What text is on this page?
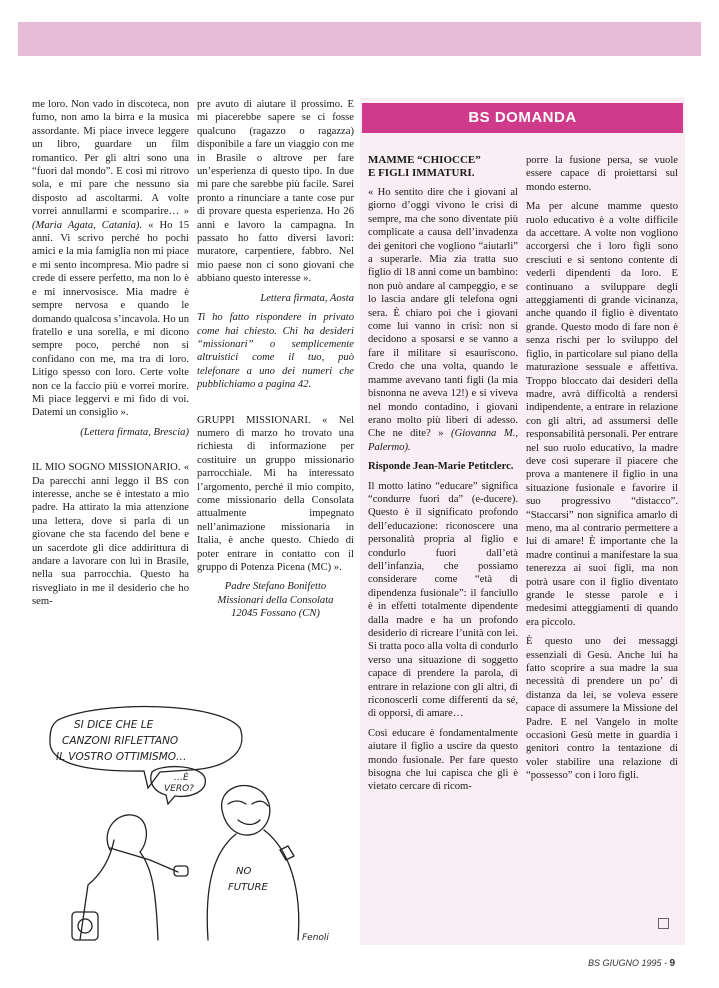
me loro. Non vado in discoteca, non fumo, non amo la birra e la musica assordante. Mi piace invece leggere un libro, guardare un film romantico. Per gli altri sono una “fuori dal mondo”. E così mi ritrovo sola, e mi pare che nessuno sia disposto ad ascoltarmi. A volte vorrei annullarmi e scomparire… » (Maria Agata, Catania). « Ho 15 anni. Vi scrivo perché ho pochi amici e la mia famiglia non mi piace e mi sento incompresa. Mio padre si crede di essere perfetto, ma non lo è e mi innervosisce. Mia madre è sempre nervosa e quando le domando qualcosa s’incavola. Ho un fratello e una sorella, e mi dicono sempre poco, perché non si confidano con me, ma tra di loro. Litigo spesso con loro. Certe volte non ce la faccio più e vorrei morire. Mi piace leggervi e mi fido di voi. Datemi un consiglio ».

(Lettera firmata, Brescia)

IL MIO SOGNO MISSIONARIO. « Da parecchi anni leggo il BS con interesse, anche se è intestato a mio padre. Ha attirato la mia attenzione una lettera, dove si parla di un giovane che sta facendo del bene e un sacerdote gli dice addirittura di andare a lavorare con lui in Brasile, nella sua parrocchia. Questo ha risvegliato in me il desiderio che ho sem-

pre avuto di aiutare il prossimo. E mi piacerebbe sapere se ci fosse qualcuno (ragazzo o ragazza) disponibile a fare un viaggio con me in Brasile o altrove per fare un’esperienza di questo tipo. In due mi pare che sarebbe più facile. Sarei pronto a rinunciare a tante cose pur di provare questa esperienza. Ho 26 anni e lavoro la campagna. In passato ho fatto diversi lavori: muratore, carpentiere, fabbro. Nel mio paese non ci sono giovani che abbiano questo interesse ».

Lettera firmata, Aosta

Ti ho fatto rispondere in privato come hai chiesto. Chi ha desideri “missionari” o semplicemente altruistici come il tuo, può telefonare a uno dei numeri che pubblichiamo a pagina 42.

GRUPPI MISSIONARI. « Nel numero di marzo ho trovato una richiesta di informazione per costituire un gruppo missionario parrocchiale. Mi ha interessato l’argomento, perché il mio compito, come missionario della Consolata attualmente impegnato nell’animazione missionaria in Italia, è anche questo. Chiedo di poter entrare in contatto con il gruppo di Potenza Picena (MC) ».

Padre Stefano Bonifetto
Missionari della Consolata
12045 Fossano (CN)

BS DOMANDA

MAMME “CHIOCCE”
E FIGLI IMMATURI.

« Ho sentito dire che i giovani al giorno d’oggi vivono le crisi di sempre, ma che sono diventate più complicate a causa dell’invadenza dei genitori che vogliono “aiutarli” a superarle. Mia zia tratta suo figlio di 18 anni come un bambino: non può andare al campeggio, e se lo lascia andare gli telefona ogni sera. È chiaro poi che i giovani come lui vanno in crisi: non si decidono a sposarsi e se vanno a fare il militare si esauriscono. Credo che una volta, quando le mamme avevano tanti figli (la mia bisnonna ne aveva 12!) e si viveva nel mondo contadino, i giovani erano molto più liberi di adesso. Che ne dite? » (Giovanna M., Palermo).

Risponde Jean-Marie Petitclerc.

Il motto latino “educare” significa “condurre fuori da” (e-ducere). Questo è il significato profondo dell’educazione: riconoscere una personalità propria al figlio e condurlo fuori dall’età dell’infanzia, che possiamo considerare come “età di dipendenza fusionale”: il fanciullo è in effetti totalmente dipendente dalla madre e ha un profondo desiderio di ricreare l’unità con lei. Si tratta poco alla volta di condurlo verso una situazione di soggetto capace di prendere la parola, di entrare in relazione con gli altri, di riconoscerli come differenti da sé, di opporsi, di amare…

Così educare è fondamentalmente aiutare il figlio a uscire da questo mondo fusionale. Per fare questo bisogna che lui capisca che gli è vietato cercare di ricom-

porre la fusione persa, se vuole essere capace di proiettarsi sul mondo esterno.

Ma per alcune mamme questo ruolo educativo è a volte difficile da accettare. A volte non vogliono accorgersi che i loro figli sono cresciuti e si sentono contente di vederli dipendenti da loro. E continuano a sviluppare degli atteggiamenti di grande vicinanza, anche quando il figlio è diventato grande. Questo modo di fare non è senza rischi per lo sviluppo del figlio, in particolare sul piano della maturazione sessuale e affettiva. Troppo bloccato dai desideri della madre, avrà difficoltà a rendersi indipendente, a entrare in relazione con gli altri, ad assumersi delle responsabilità personali. Per entrare nel suo ruolo educativo, la madre deve così superare il piacere che prova a mantenere il figlio in una situazione fusionale e favorire il suo progressivo “distacco”. “Staccarsi” non significa amarlo di meno, ma al contrario permettere a lui di amare! È importante che la madre continui a manifestare la sua tenerezza ai suoi figli, ma non potrà usare con il figlio diventato grande le stesse parole e i medesimi atteggiamenti di quando era piccolo.

È questo uno dei messaggi essenziali di Gesù. Anche lui ha fatto scoprire a sua madre la sua necessità di prendere un po’ di distanza da lei, se voleva essere capace di assumere la Missione del Padre. E nel Vangelo in molte occasioni Gesù mette in guardia i genitori contro la tentazione di voler stabilire una relazione di “possesso” con i loro figli.

SI DICE CHE LE
CANZONI RIFLETTANO
IL VOSTRO OTTIMISMO…
…È
VERO?
NO
FUTURE
Fenoli
BS GIUGNO 1995 - 9
